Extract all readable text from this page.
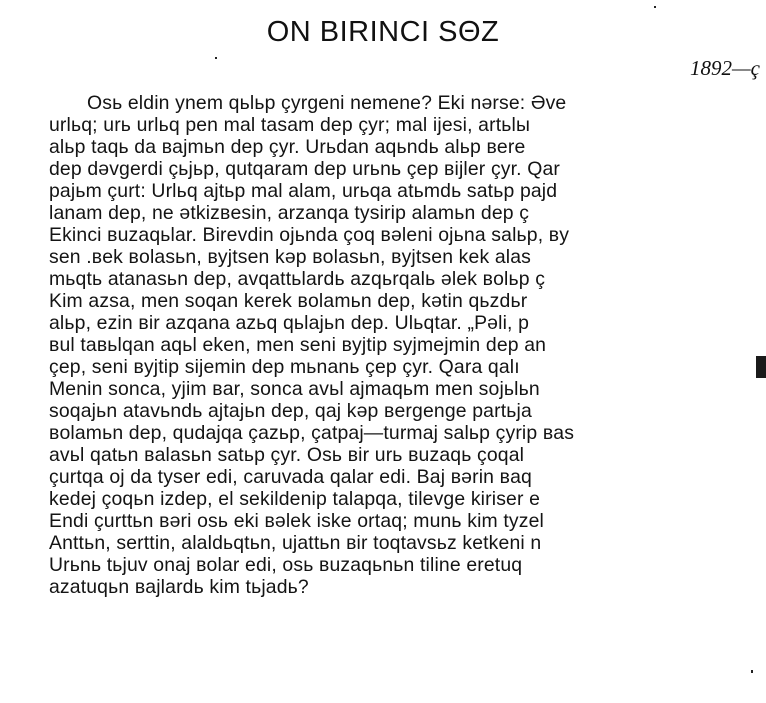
ON BIRINCI SΘZ
1892—ç
Osь eldin ynem qьlьp çyrgeni nemene? Eki nərse: Əve
urlьq; urь urlьq pen mal tasam dep çyr; mal ijesi, artьlы
alьp taqь da ʙajmьn dep çyr. Urьdan aqьndь alьp ʙere
dep dəvgerdi çьjьp, qutqaram dep urьnь çep ʙijler çyr. Qar
pajьm çurt: Urlьq ajtьp mal alam, urьqa atьmdь satьp pajd
lanam dep, ne ətkizʙesin, arzanqa tysirip alamьn dep ç
Ekinci ʙuzaqьlar. Birevdin ojьnda çoq ʙəleni ojьna salьp, ʙy
sen .ʙek ʙolasьn, ʙyjtsen kəp ʙolasьn, ʙyjtsen kek alas
mьqtь atanasьn dep, avqattьlardь azqьrqalь əlek ʙolьp ç
Kim azsa, men soqan kerek ʙolamьn dep, kətin qьzdьr
alьp, ezin ʙir azqana azьq qьlajьn dep. Ulьqtar. „Pəli, p
ʙul taʙьlqan aqьl eken, men seni ʙyjtip syjmejmin dep an
çep, seni ʙyjtip sijemin dep mьnanь çep çyr. Qara qalı
Menin sonca, yjim ʙar, sonca avьl ajmaqьm men sojьlьn
soqajьn atavьndь ajtajьn dep, qaj kəp ʙergenge partьja
ʙolamьn dep, qudajqa çazьp, çatpaj—turmaj salьp çyrip ʙas
avьl qatьn ʙalasьn satьp çyr. Osь ʙir urь ʙuzaqь çoqal
çurtqa oj da tyser edi, caruvada qalar edi. Baj ʙərin ʙaq
kedej çoqьn izdep, el sekildenip talapqa, tilevge kiriser e
Endi çurttьn ʙəri osь eki ʙəlek iske ortaq; munь kim tyzel
Anttьn, serttin, alaldьqtьn, ujattьn ʙir toqtavsьz ketkeni n
Urьnь tьjuv onaj ʙolar edi, osь ʙuzaqьnьn tiline eretuq
azatuqьn ʙajlardь kim tьjadь?
